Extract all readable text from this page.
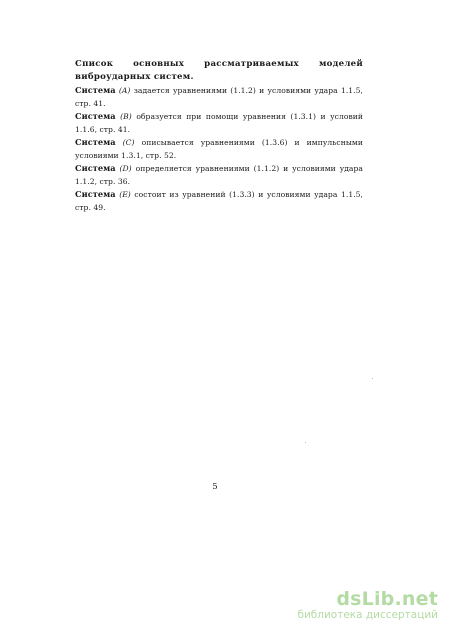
Список основных рассматриваемых моделей виброударных систем.

Система (A) задается уравнениями (1.1.2) и условиями удара 1.1.5, стр. 41.

Система (B) образуется при помощи уравнения (1.3.1) и условий 1.1.6, стр. 41.

Система (C) описывается уравнениями (1.3.6) и импульсными условиями 1.3.1, стр. 52.

Система (D) определяется уравнениями (1.1.2) и условиями удара 1.1.2, стр. 36.

Система (E) состоит из уравнений (1.3.3) и условиями удара 1.1.5, стр. 49.

5
dsLib.net
библиотека диссертаций
